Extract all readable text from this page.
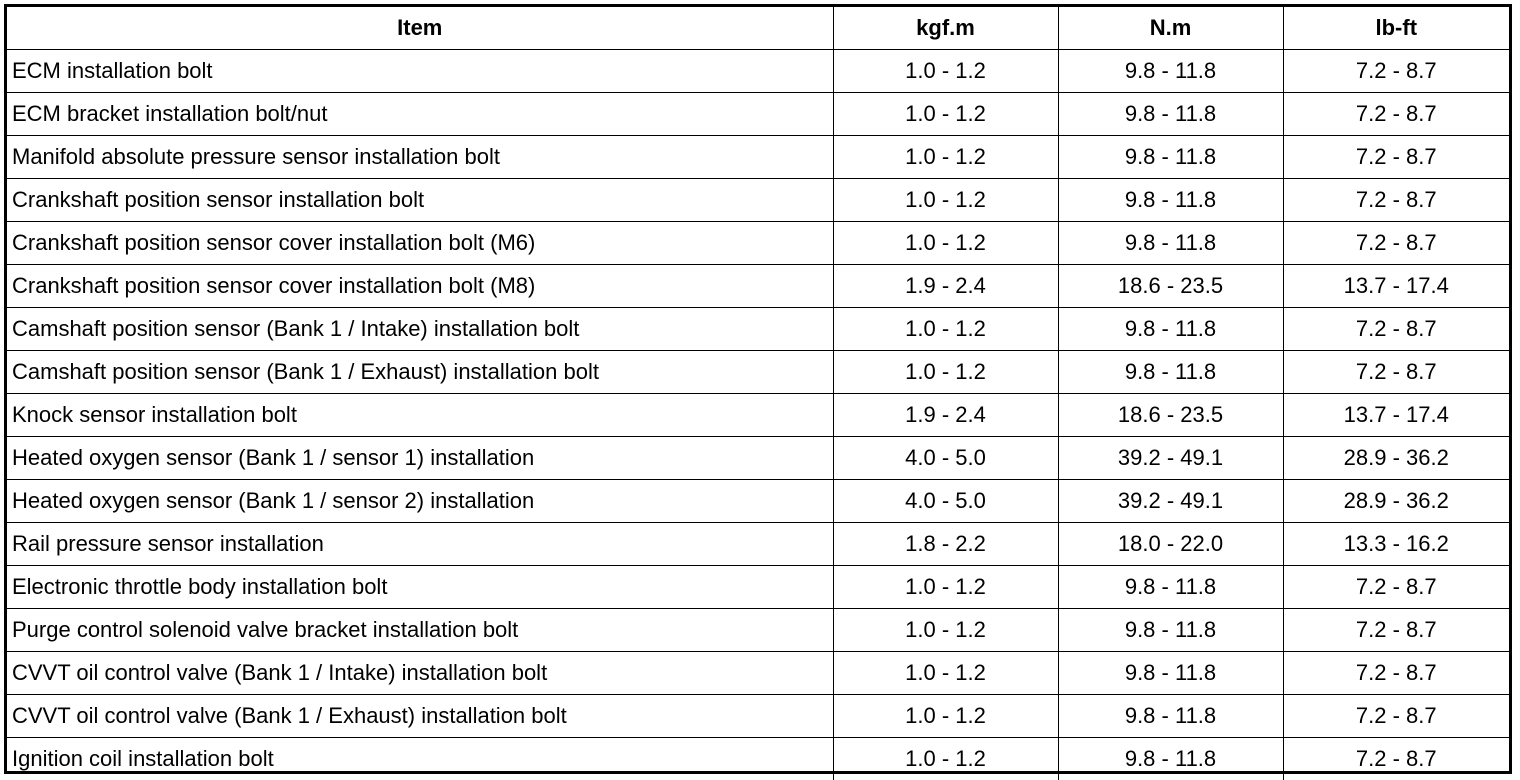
Item	kgf.m	N.m	lb-ft
ECM installation bolt	1.0 - 1.2	9.8 - 11.8	7.2 - 8.7
ECM bracket installation bolt/nut	1.0 - 1.2	9.8 - 11.8	7.2 - 8.7
Manifold absolute pressure sensor installation bolt	1.0 - 1.2	9.8 - 11.8	7.2 - 8.7
Crankshaft position sensor installation bolt	1.0 - 1.2	9.8 - 11.8	7.2 - 8.7
Crankshaft position sensor cover installation bolt (M6)	1.0 - 1.2	9.8 - 11.8	7.2 - 8.7
Crankshaft position sensor cover installation bolt (M8)	1.9 - 2.4	18.6 - 23.5	13.7 - 17.4
Camshaft position sensor (Bank 1 / Intake) installation bolt	1.0 - 1.2	9.8 - 11.8	7.2 - 8.7
Camshaft position sensor (Bank 1 / Exhaust) installation bolt	1.0 - 1.2	9.8 - 11.8	7.2 - 8.7
Knock sensor installation bolt	1.9 - 2.4	18.6 - 23.5	13.7 - 17.4
Heated oxygen sensor (Bank 1 / sensor 1) installation	4.0 - 5.0	39.2 - 49.1	28.9 - 36.2
Heated oxygen sensor (Bank 1 / sensor 2) installation	4.0 - 5.0	39.2 - 49.1	28.9 - 36.2
Rail pressure sensor installation	1.8 - 2.2	18.0 - 22.0	13.3 - 16.2
Electronic throttle body installation bolt	1.0 - 1.2	9.8 - 11.8	7.2 - 8.7
Purge control solenoid valve bracket installation bolt	1.0 - 1.2	9.8 - 11.8	7.2 - 8.7
CVVT oil control valve (Bank 1 / Intake) installation bolt	1.0 - 1.2	9.8 - 11.8	7.2 - 8.7
CVVT oil control valve (Bank 1 / Exhaust) installation bolt	1.0 - 1.2	9.8 - 11.8	7.2 - 8.7
Ignition coil installation bolt	1.0 - 1.2	9.8 - 11.8	7.2 - 8.7
